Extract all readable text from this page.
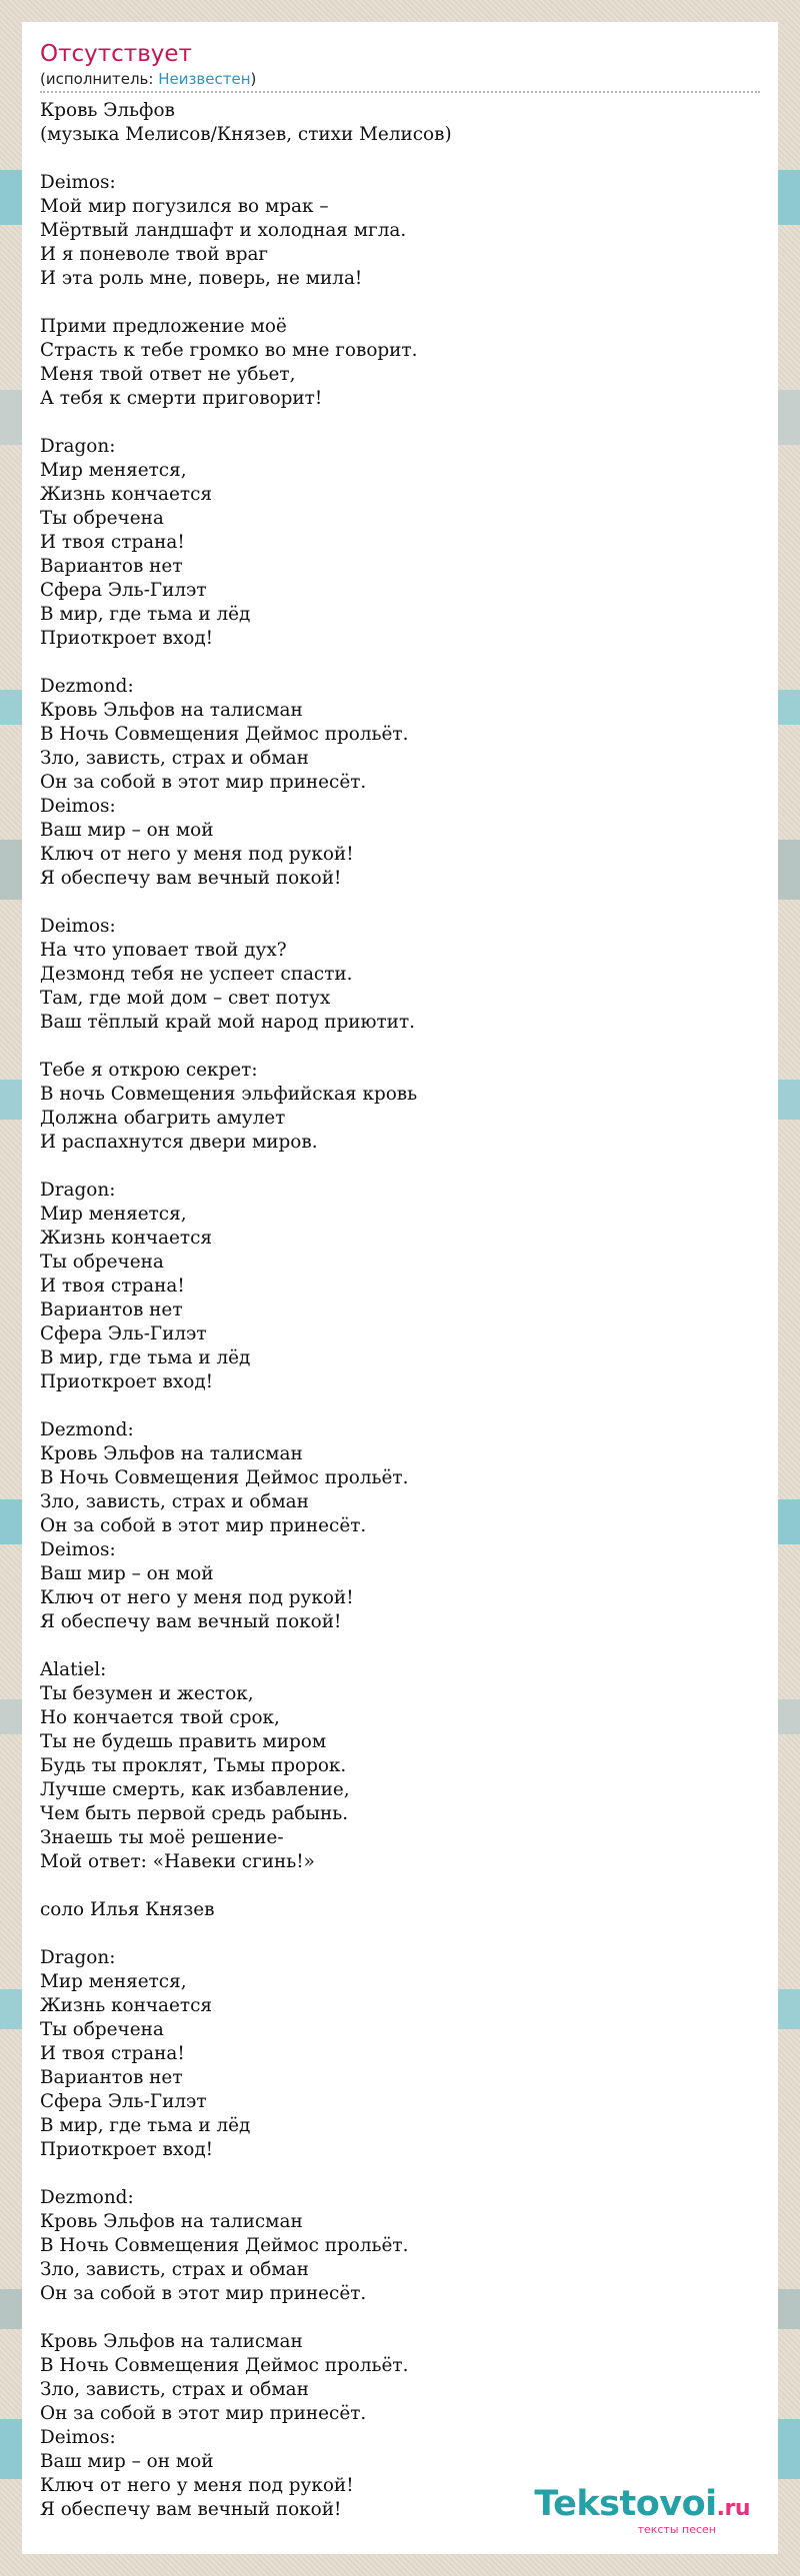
Отсутствует
(исполнитель: Неизвестен)
Кровь Эльфов
(музыка Мелисов/Князев, стихи Мелисов)

Deimos:
Мой мир погузился во мрак –
Мёртвый ландшафт и холодная мгла.
И я поневоле твой враг
И эта роль мне, поверь, не мила!

Прими предложение моё
Страсть к тебе громко во мне говорит.
Меня твой ответ не убьет,
А тебя к смерти приговорит!

Dragon:
Мир меняется,
Жизнь кончается
Ты обречена
И твоя страна!
Вариантов нет
Сфера Эль-Гилэт
В мир, где тьма и лёд
Приоткроет вход!

Dezmond:
Кровь Эльфов на талисман
В Ночь Совмещения Деймос прольёт.
Зло, зависть, страх и обман
Он за собой в этот мир принесёт.
Deimos:
Ваш мир – он мой
Ключ от него у меня под рукой!
Я обеспечу вам вечный покой!

Deimos:
На что уповает твой дух?
Дезмонд тебя не успеет спасти.
Там, где мой дом – свет потух
Ваш тёплый край мой народ приютит.

Тебе я открою секрет:
В ночь Совмещения эльфийская кровь
Должна обагрить амулет
И распахнутся двери миров.

Dragon:
Мир меняется,
Жизнь кончается
Ты обречена
И твоя страна!
Вариантов нет
Сфера Эль-Гилэт
В мир, где тьма и лёд
Приоткроет вход!

Dezmond:
Кровь Эльфов на талисман
В Ночь Совмещения Деймос прольёт.
Зло, зависть, страх и обман
Он за собой в этот мир принесёт.
Deimos:
Ваш мир – он мой
Ключ от него у меня под рукой!
Я обеспечу вам вечный покой!

Alatiel:
Ты безумен и жесток,
Но кончается твой срок,
Ты не будешь править миром
Будь ты проклят, Тьмы пророк.
Лучше смерть, как избавление,
Чем быть первой средь рабынь.
Знаешь ты моё решение-
Мой ответ: «Навеки сгинь!»

соло Илья Князев

Dragon:
Мир меняется,
Жизнь кончается
Ты обречена
И твоя страна!
Вариантов нет
Сфера Эль-Гилэт
В мир, где тьма и лёд
Приоткроет вход!

Dezmond:
Кровь Эльфов на талисман
В Ночь Совмещения Деймос прольёт.
Зло, зависть, страх и обман
Он за собой в этот мир принесёт.

Кровь Эльфов на талисман
В Ночь Совмещения Деймос прольёт.
Зло, зависть, страх и обман
Он за собой в этот мир принесёт.
Deimos:
Ваш мир – он мой
Ключ от него у меня под рукой!
Я обеспечу вам вечный покой!	Tekstovoi.ru
тексты песен
